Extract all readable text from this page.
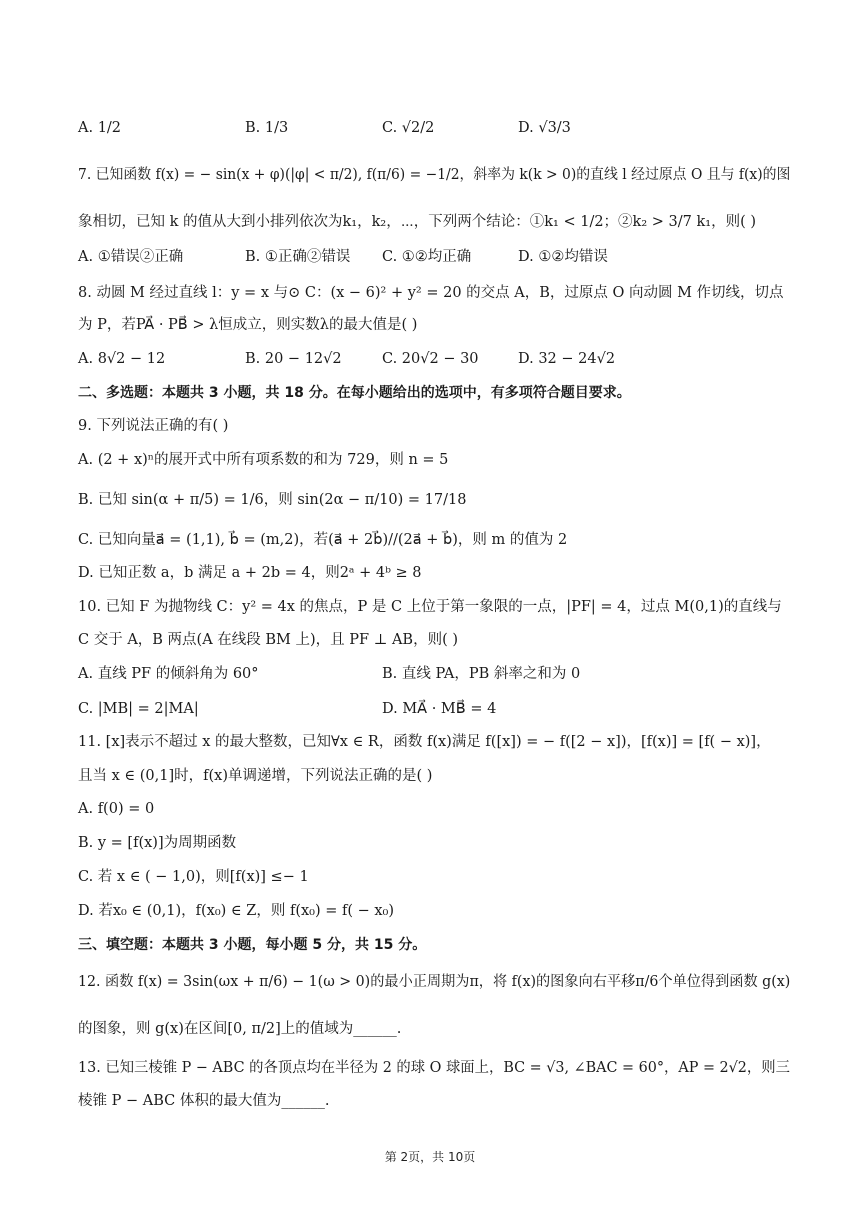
A. 1/2	B. 1/3	C. √2/2	D. √3/3
7. 已知函数 f(x) = − sin(x + φ)(|φ| < π/2), f(π/6) = −1/2，斜率为 k(k > 0)的直线 l 经过原点 O 且与 f(x)的图
象相切，已知 k 的值从大到小排列依次为k₁，k₂，⋯，下列两个结论：①k₁ < 1/2；②k₂ > 3/7 k₁，则( )
A. ①错误②正确	B. ①正确②错误 C. ①②均正确	D. ①②均错误
8. 动圆 M 经过直线 l：y = x 与⊙ C：(x − 6)² + y² = 20 的交点 A，B，过原点 O 向动圆 M 作切线，切点
为 P，若PA⃗ · PB⃗ > λ恒成立，则实数λ的最大值是( )
A. 8√2 − 12	B. 20 − 12√2	C. 20√2 − 30	D. 32 − 24√2
二、多选题：本题共 3 小题，共 18 分。在每小题给出的选项中，有多项符合题目要求。
9. 下列说法正确的有( )
A. (2 + x)ⁿ的展开式中所有项系数的和为 729，则 n = 5
B. 已知 sin(α + π/5) = 1/6，则 sin(2α − π/10) = 17/18
C. 已知向量a⃗ = (1,1), b⃗ = (m,2)，若(a⃗ + 2b⃗)//(2a⃗ + b⃗)，则 m 的值为 2
D. 已知正数 a，b 满足 a + 2b = 4，则2ᵃ + 4ᵇ ≥ 8
10. 已知 F 为抛物线 C：y² = 4x 的焦点，P 是 C 上位于第一象限的一点，|PF| = 4，过点 M(0,1)的直线与
C 交于 A，B 两点(A 在线段 BM 上)，且 PF ⊥ AB，则( )
A. 直线 PF 的倾斜角为 60°	B. 直线 PA，PB 斜率之和为 0
C. |MB| = 2|MA|	D. MA⃗ · MB⃗ = 4
11. [x]表示不超过 x 的最大整数，已知∀x ∈ R，函数 f(x)满足 f([x]) = − f([2 − x])，[f(x)] = [f( − x)]，
且当 x ∈ (0,1]时，f(x)单调递增，下列说法正确的是( )
A. f(0) = 0
B. y = [f(x)]为周期函数
C. 若 x ∈ ( − 1,0)，则[f(x)] ≤− 1
D. 若x₀ ∈ (0,1)，f(x₀) ∈ Z，则 f(x₀) = f( − x₀)
三、填空题：本题共 3 小题，每小题 5 分，共 15 分。
12. 函数 f(x) = 3sin(ωx + π/6) − 1(ω > 0)的最小正周期为π，将 f(x)的图象向右平移π/6个单位得到函数 g(x)
的图象，则 g(x)在区间[0, π/2]上的值域为______.
13. 已知三棱锥 P − ABC 的各顶点均在半径为 2 的球 O 球面上，BC = √3, ∠BAC = 60°，AP = 2√2，则三
棱锥 P − ABC 体积的最大值为______.
第 2页，共 10页
